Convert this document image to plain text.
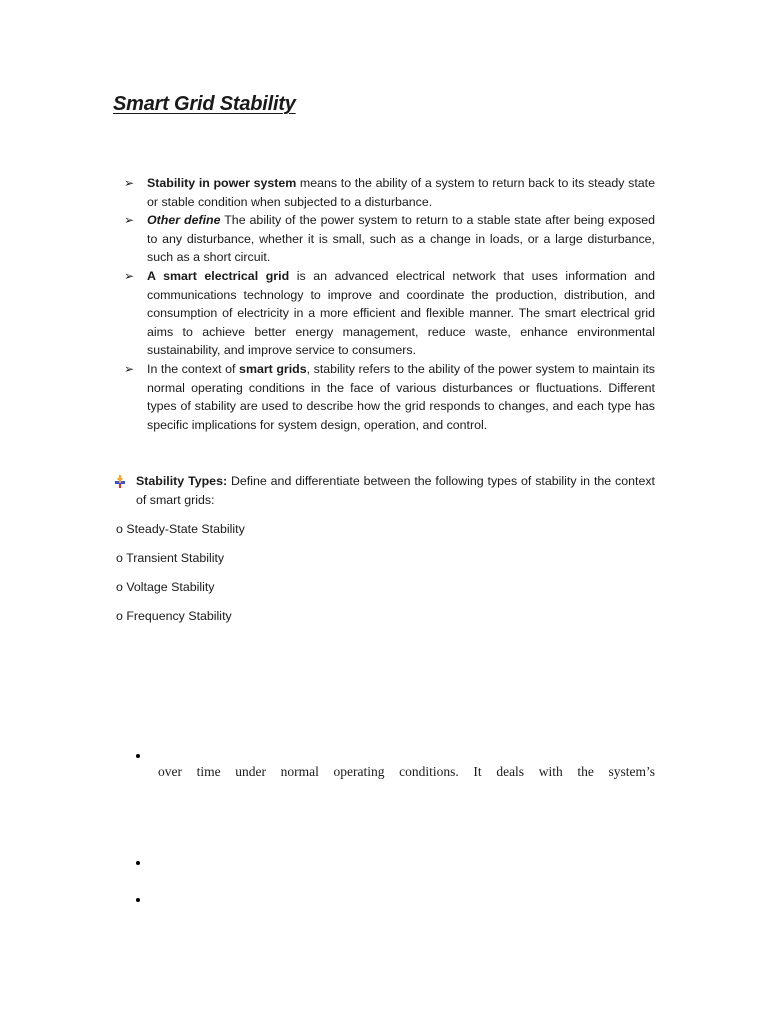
Smart Grid Stability
➢	Stability in power system means to the ability of a system to return back to its steady state or stable condition when subjected to a disturbance.
➢	Other define The ability of the power system to return to a stable state after being exposed to any disturbance, whether it is small, such as a change in loads, or a large disturbance, such as a short circuit.
➢	A smart electrical grid is an advanced electrical network that uses information and communications technology to improve and coordinate the production, distribution, and consumption of electricity in a more efficient and flexible manner. The smart electrical grid aims to achieve better energy management, reduce waste, enhance environmental sustainability, and improve service to consumers.
➢	In the context of smart grids, stability refers to the ability of the power system to maintain its normal operating conditions in the face of various disturbances or fluctuations. Different types of stability are used to describe how the grid responds to changes, and each type has specific implications for system design, operation, and control.
Stability Types: Define and differentiate between the following types of stability in the context of smart grids:
o Steady-State Stability
o Transient Stability
o Voltage Stability
o Frequency Stability
over time under normal operating conditions. It deals with the system’s
